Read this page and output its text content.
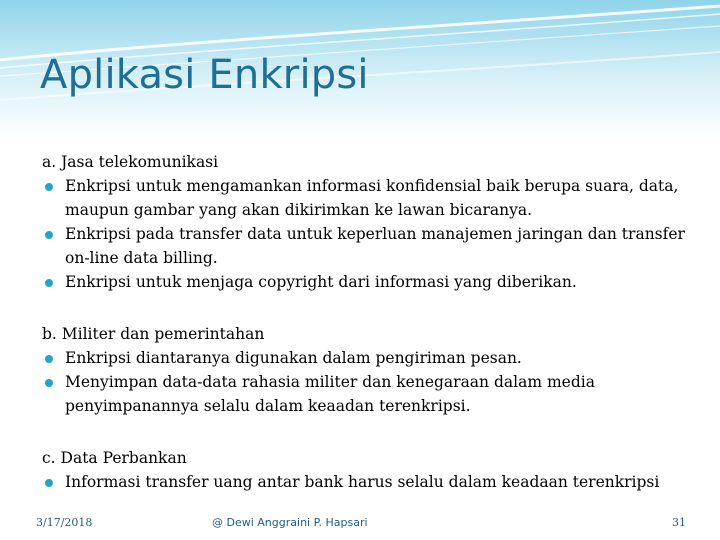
Aplikasi Enkripsi
a. Jasa telekomunikasi
Enkripsi untuk mengamankan informasi konfidensial baik berupa suara, data, maupun gambar yang akan dikirimkan ke lawan bicaranya.
Enkripsi pada transfer data untuk keperluan manajemen jaringan dan transfer on-line data billing.
Enkripsi untuk menjaga copyright dari informasi yang diberikan.
b. Militer dan pemerintahan
Enkripsi diantaranya digunakan dalam pengiriman pesan.
Menyimpan data-data rahasia militer dan kenegaraan dalam media penyimpanannya selalu dalam keaadan terenkripsi.
c. Data Perbankan
Informasi transfer uang antar bank harus selalu dalam keadaan terenkripsi
3/17/2018	@ Dewi Anggraini P. Hapsari	31
